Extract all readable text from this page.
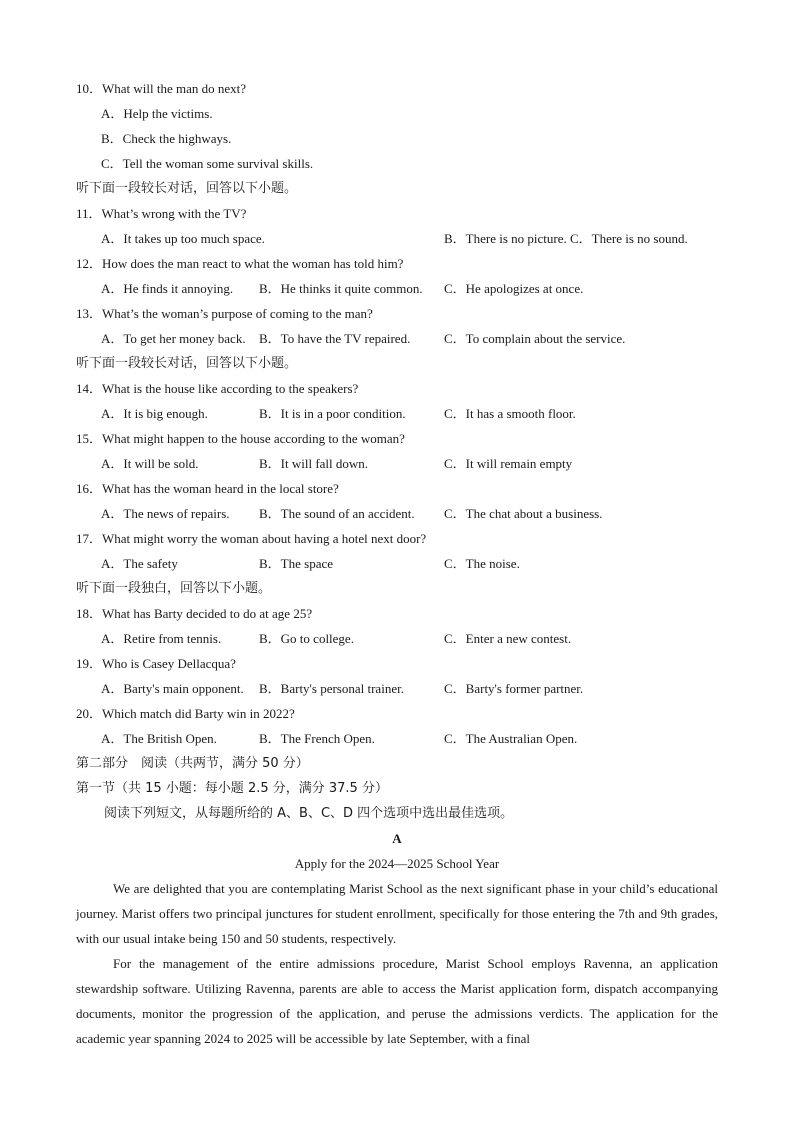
10．What will the man do next?
A．Help the victims.
B．Check the highways.
C．Tell the woman some survival skills.
听下面一段较长对话，回答以下小题。
11．What’s wrong with the TV?
A．It takes up too much space.	B．There is no picture. C．There is no sound.
12．How does the man react to what the woman has told him?
A．He finds it annoying. B．He thinks it quite common. C．He apologizes at once.
13．What’s the woman’s purpose of coming to the man?
A．To get her money back. B．To have the TV repaired.	C．To complain about the service.
听下面一段较长对话，回答以下小题。
14．What is the house like according to the speakers?
A．It is big enough.	B．It is in a poor condition.	C．It has a smooth floor.
15．What might happen to the house according to the woman?
A．It will be sold.	B．It will fall down.	C．It will remain empty
16．What has the woman heard in the local store?
A．The news of repairs. B．The sound of an accident. C．The chat about a business.
17．What might worry the woman about having a hotel next door?
A．The safety	B．The space	C．The noise.
听下面一段独白，回答以下小题。
18．What has Barty decided to do at age 25?
A．Retire from tennis.	B．Go to college.	C．Enter a new contest.
19．Who is Casey Dellacqua?
A．Barty's main opponent. B．Barty's personal trainer.	C．Barty's former partner.
20．Which match did Barty win in 2022?
A．The British Open.	B．The French Open.	C．The Australian Open.
第二部分　阅读（共两节，满分 50 分）
第一节（共 15 小题：每小题 2.5 分，满分 37.5 分）
阅读下列短文，从每题所给的 A、B、C、D 四个选项中选出最佳选项。
A
Apply for the 2024—2025 School Year

We are delighted that you are contemplating Marist School as the next significant phase in your child’s educational journey. Marist offers two principal junctures for student enrollment, specifically for those entering the 7th and 9th grades, with our usual intake being 150 and 50 students, respectively.

For the management of the entire admissions procedure, Marist School employs Ravenna, an application stewardship software. Utilizing Ravenna, parents are able to access the Marist application form, dispatch accompanying documents, monitor the progression of the application, and peruse the admissions verdicts. The application for the academic year spanning 2024 to 2025 will be accessible by late September, with a final
